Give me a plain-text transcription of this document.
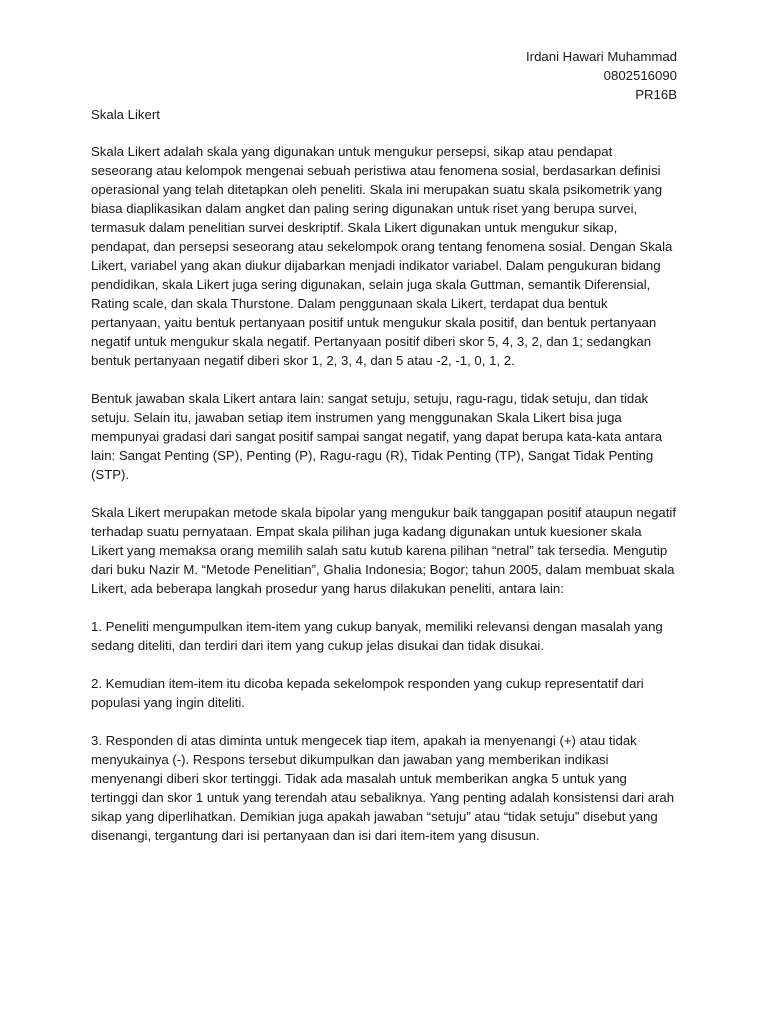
Irdani Hawari Muhammad
0802516090
PR16B
Skala Likert

Skala Likert adalah skala yang digunakan untuk mengukur persepsi, sikap atau pendapat seseorang atau kelompok mengenai sebuah peristiwa atau fenomena sosial, berdasarkan definisi operasional yang telah ditetapkan oleh peneliti. Skala ini merupakan suatu skala psikometrik yang biasa diaplikasikan dalam angket dan paling sering digunakan untuk riset yang berupa survei, termasuk dalam penelitian survei deskriptif. Skala Likert digunakan untuk mengukur sikap, pendapat, dan persepsi seseorang atau sekelompok orang tentang fenomena sosial. Dengan Skala Likert, variabel yang akan diukur dijabarkan menjadi indikator variabel. Dalam pengukuran bidang pendidikan, skala Likert juga sering digunakan, selain juga skala Guttman, semantik Diferensial, Rating scale, dan skala Thurstone. Dalam penggunaan skala Likert, terdapat dua bentuk pertanyaan, yaitu bentuk pertanyaan positif untuk mengukur skala positif, dan bentuk pertanyaan negatif untuk mengukur skala negatif. Pertanyaan positif diberi skor 5, 4, 3, 2, dan 1; sedangkan bentuk pertanyaan negatif diberi skor 1, 2, 3, 4, dan 5 atau -2, -1, 0, 1, 2.

Bentuk jawaban skala Likert antara lain: sangat setuju, setuju, ragu-ragu, tidak setuju, dan tidak setuju. Selain itu, jawaban setiap item instrumen yang menggunakan Skala Likert bisa juga mempunyai gradasi dari sangat positif sampai sangat negatif, yang dapat berupa kata-kata antara lain: Sangat Penting (SP), Penting (P), Ragu-ragu (R), Tidak Penting (TP), Sangat Tidak Penting (STP).

Skala Likert merupakan metode skala bipolar yang mengukur baik tanggapan positif ataupun negatif terhadap suatu pernyataan. Empat skala pilihan juga kadang digunakan untuk kuesioner skala Likert yang memaksa orang memilih salah satu kutub karena pilihan “netral” tak tersedia. Mengutip dari buku Nazir M. “Metode Penelitian”, Ghalia Indonesia; Bogor; tahun 2005, dalam membuat skala Likert, ada beberapa langkah prosedur yang harus dilakukan peneliti, antara lain:

1. Peneliti mengumpulkan item-item yang cukup banyak, memiliki relevansi dengan masalah yang sedang diteliti, dan terdiri dari item yang cukup jelas disukai dan tidak disukai.

2. Kemudian item-item itu dicoba kepada sekelompok responden yang cukup representatif dari populasi yang ingin diteliti.

3. Responden di atas diminta untuk mengecek tiap item, apakah ia menyenangi (+) atau tidak menyukainya (-). Respons tersebut dikumpulkan dan jawaban yang memberikan indikasi menyenangi diberi skor tertinggi. Tidak ada masalah untuk memberikan angka 5 untuk yang tertinggi dan skor 1 untuk yang terendah atau sebaliknya. Yang penting adalah konsistensi dari arah sikap yang diperlihatkan. Demikian juga apakah jawaban “setuju” atau “tidak setuju” disebut yang disenangi, tergantung dari isi pertanyaan dan isi dari item-item yang disusun.
